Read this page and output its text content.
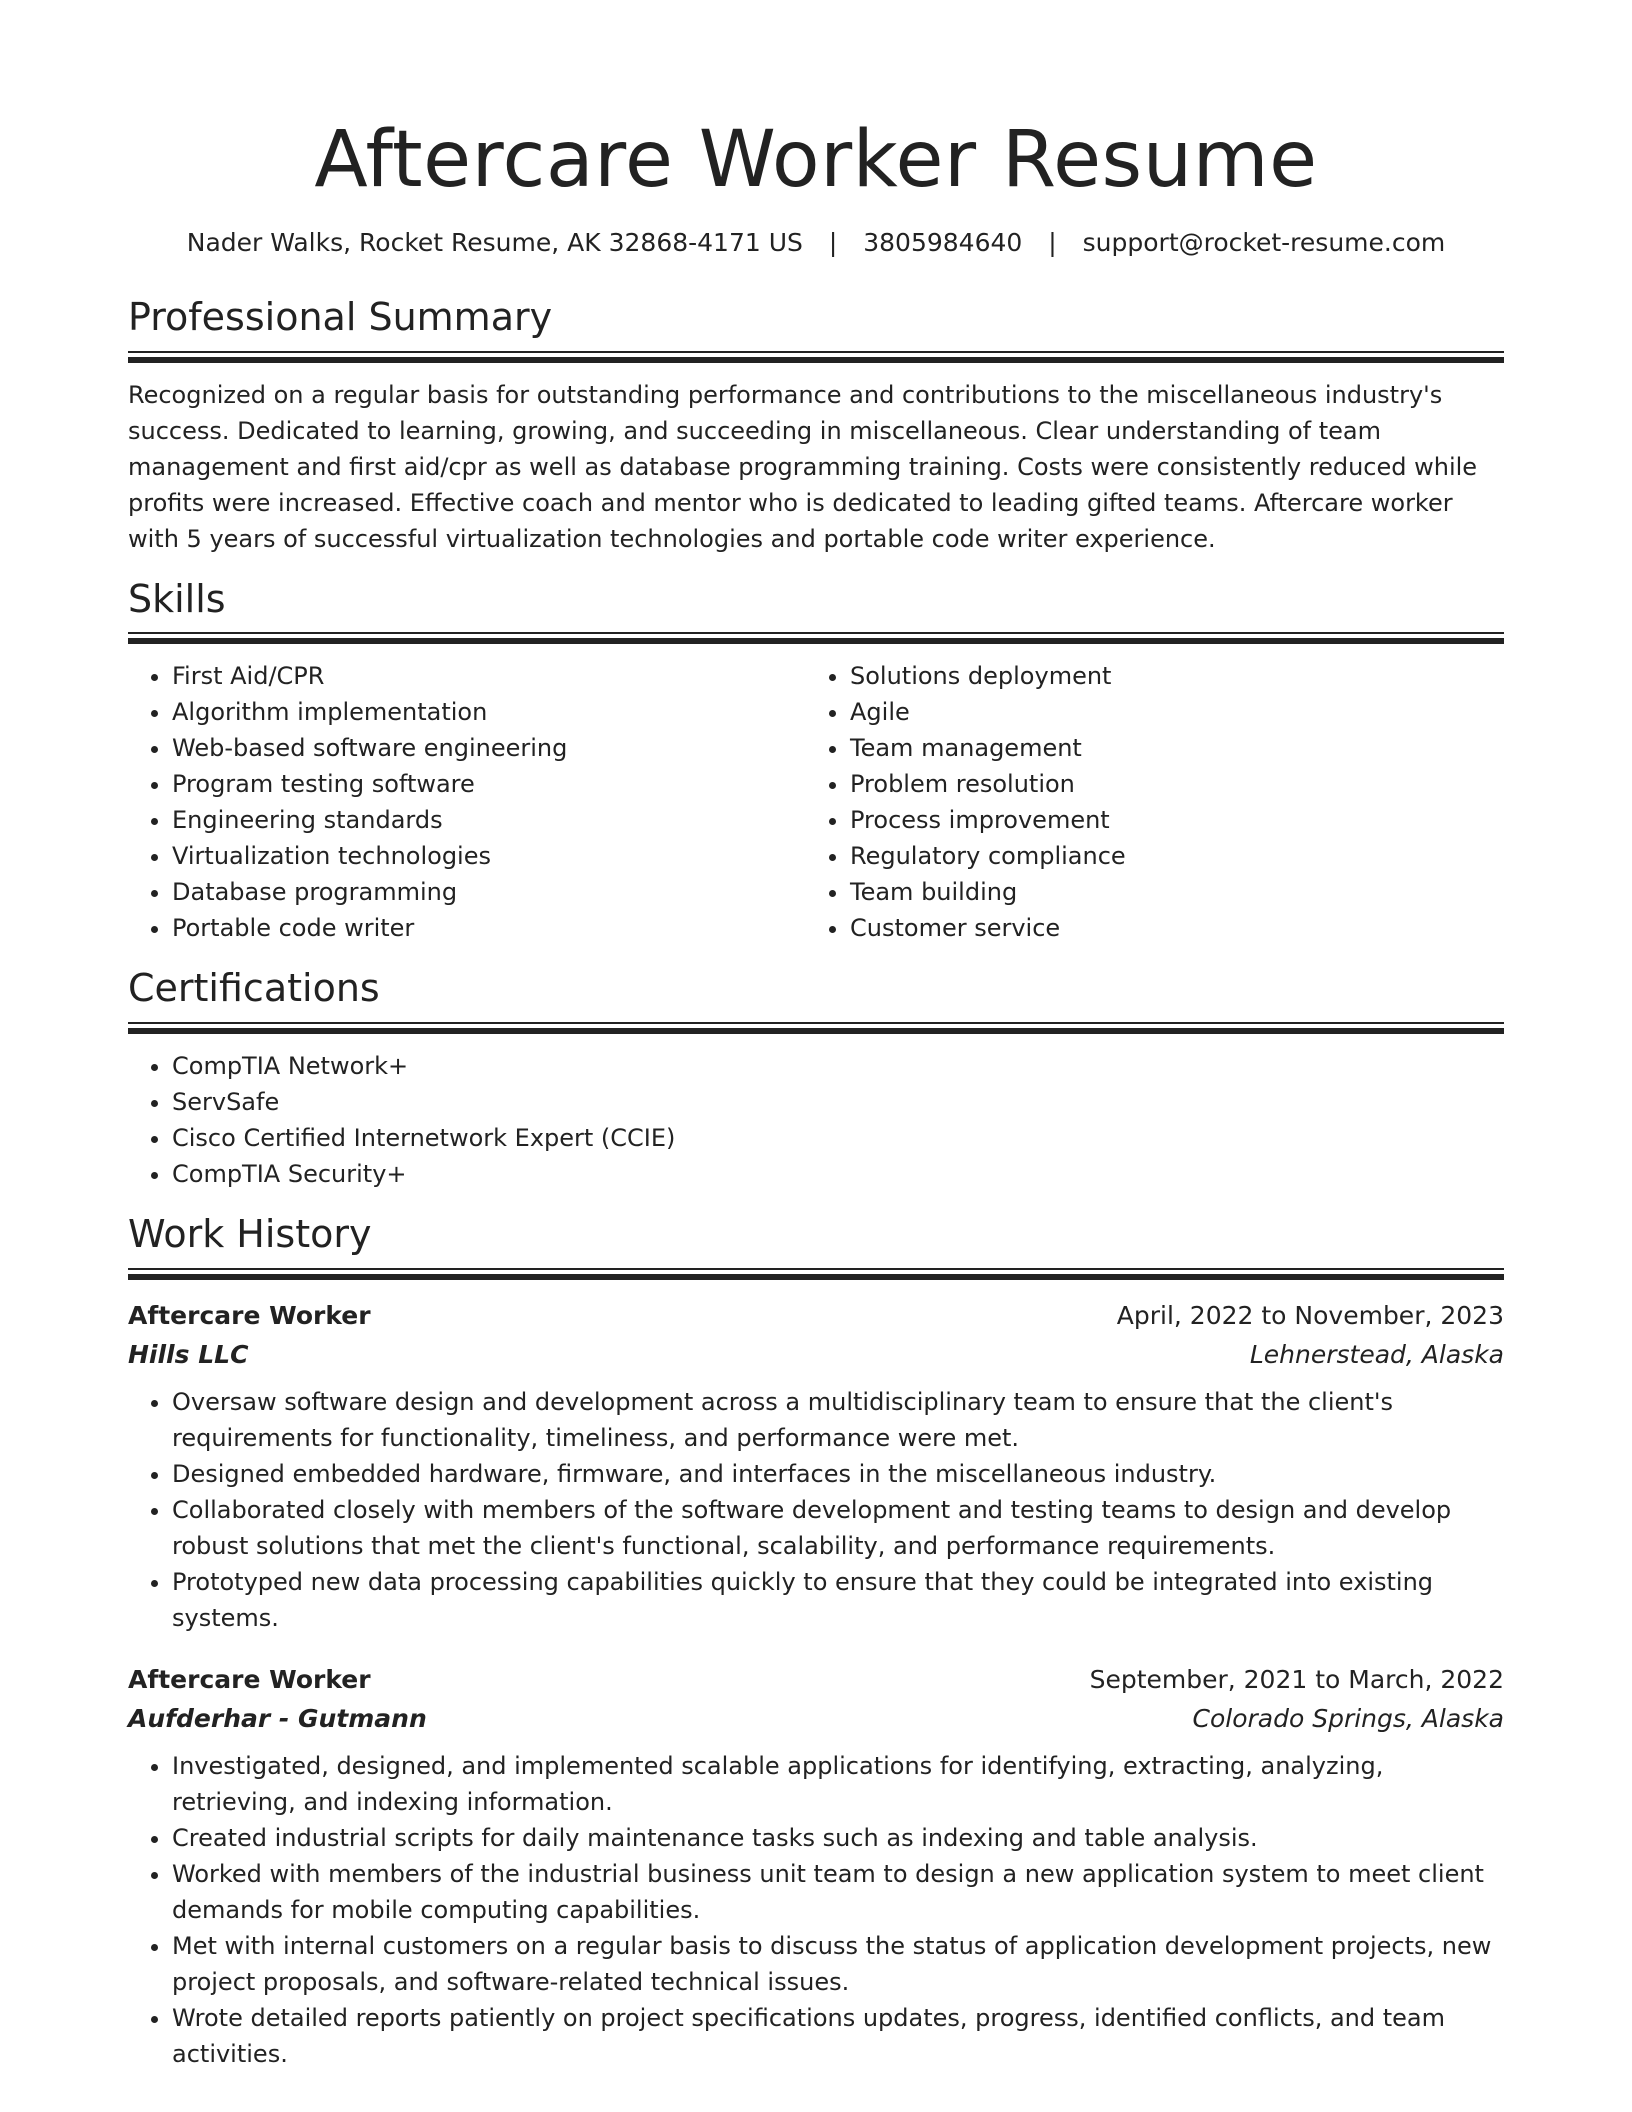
Aftercare Worker Resume
Nader Walks, Rocket Resume, AK 32868-4171 US | 3805984640 | support@rocket-resume.com
Professional Summary

Recognized on a regular basis for outstanding performance and contributions to the miscellaneous industry's success. Dedicated to learning, growing, and succeeding in miscellaneous. Clear understanding of team management and first aid/cpr as well as database programming training. Costs were consistently reduced while profits were increased. Effective coach and mentor who is dedicated to leading gifted teams. Aftercare worker with 5 years of successful virtualization technologies and portable code writer experience.

Skills
• First Aid/CPR
• Algorithm implementation
• Web-based software engineering
• Program testing software
• Engineering standards
• Virtualization technologies
• Database programming
• Portable code writer
• Solutions deployment
• Agile
• Team management
• Problem resolution
• Process improvement
• Regulatory compliance
• Team building
• Customer service
Certifications
• CompTIA Network+
• ServSafe
• Cisco Certified Internetwork Expert (CCIE)
• CompTIA Security+
Work History
Aftercare Worker	April, 2022 to November, 2023
Hills LLC	Lehnerstead, Alaska
• Oversaw software design and development across a multidisciplinary team to ensure that the client's requirements for functionality, timeliness, and performance were met.
• Designed embedded hardware, firmware, and interfaces in the miscellaneous industry.
• Collaborated closely with members of the software development and testing teams to design and develop robust solutions that met the client's functional, scalability, and performance requirements.
• Prototyped new data processing capabilities quickly to ensure that they could be integrated into existing systems.
Aftercare Worker	September, 2021 to March, 2022
Aufderhar - Gutmann	Colorado Springs, Alaska
• Investigated, designed, and implemented scalable applications for identifying, extracting, analyzing, retrieving, and indexing information.
• Created industrial scripts for daily maintenance tasks such as indexing and table analysis.
• Worked with members of the industrial business unit team to design a new application system to meet client demands for mobile computing capabilities.
• Met with internal customers on a regular basis to discuss the status of application development projects, new project proposals, and software-related technical issues.
• Wrote detailed reports patiently on project specifications updates, progress, identified conflicts, and team activities.
